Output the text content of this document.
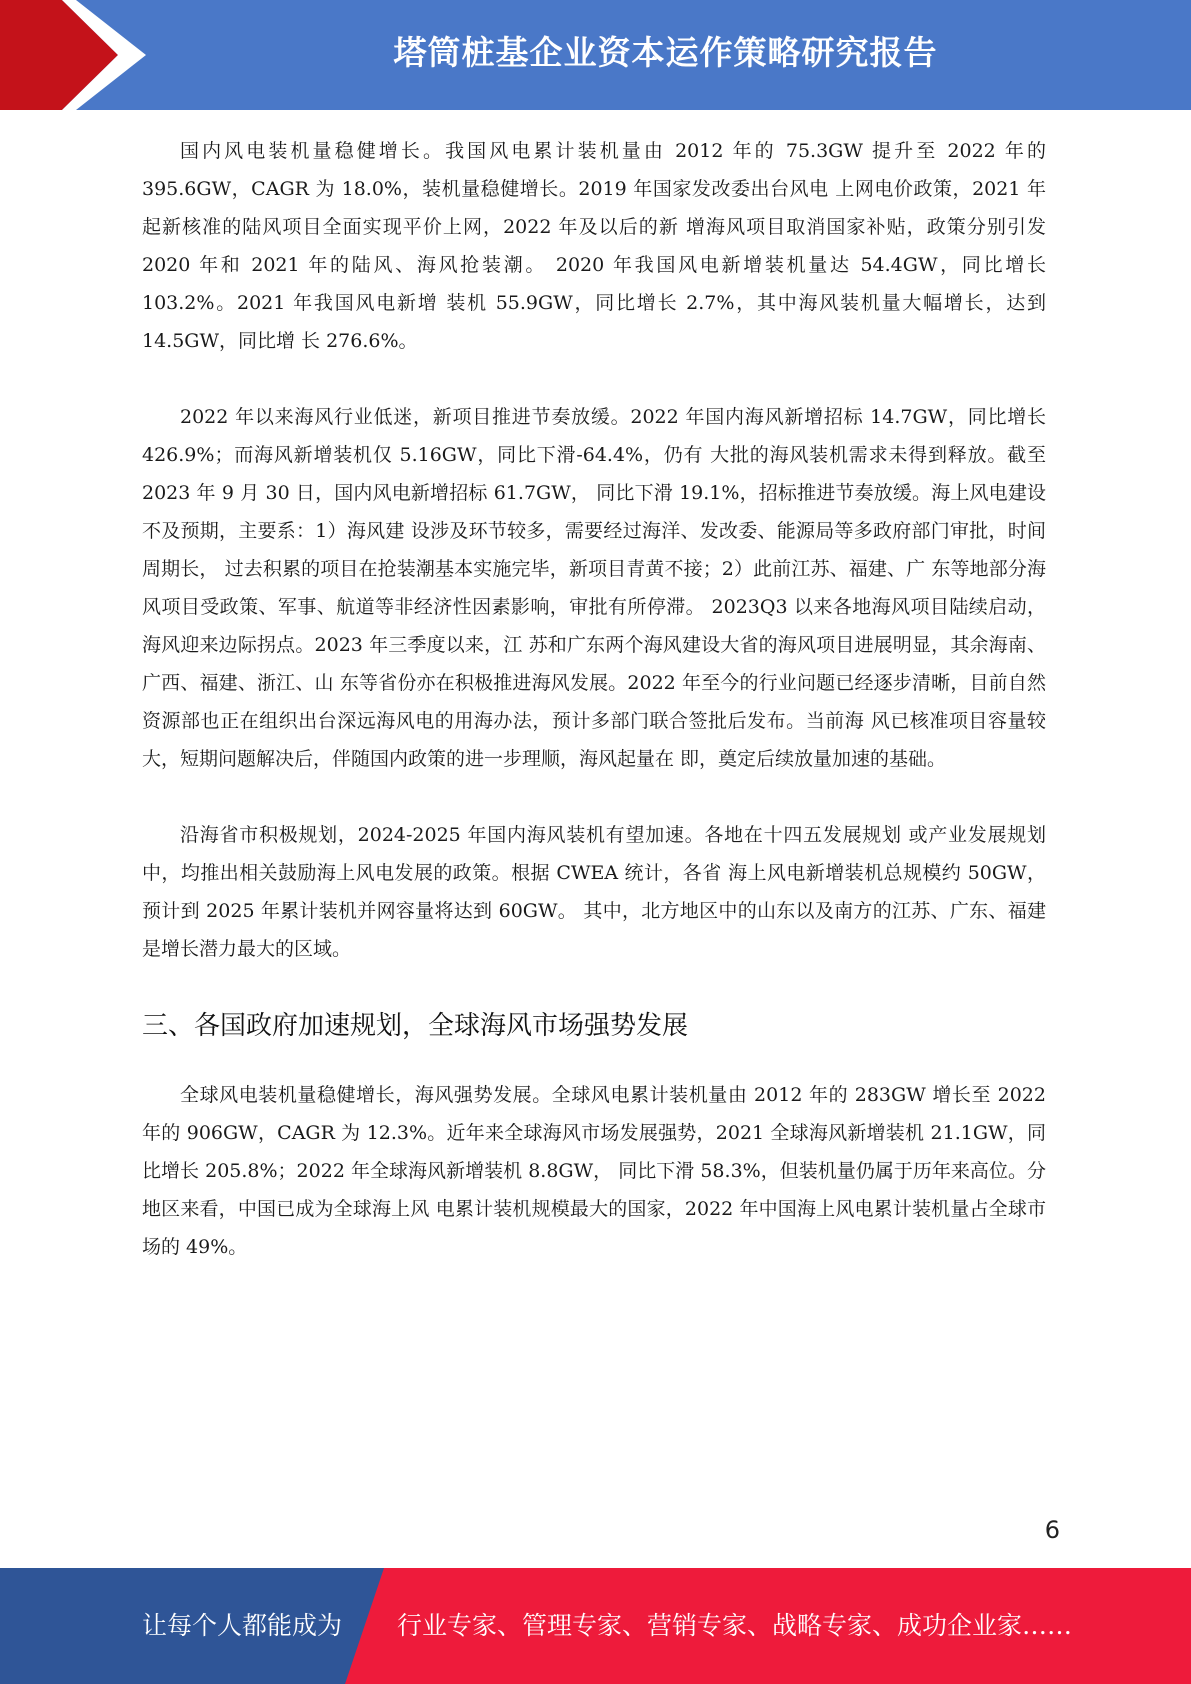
塔筒桩基企业资本运作策略研究报告

国内风电装机量稳健增长。我国风电累计装机量由 2012 年的 75.3GW 提升至 2022 年的 395.6GW，CAGR 为 18.0%，装机量稳健增长。2019 年国家发改委出台风电 上网电价政策，2021 年起新核准的陆风项目全面实现平价上网，2022 年及以后的新 增海风项目取消国家补贴，政策分别引发 2020 年和 2021 年的陆风、海风抢装潮。 2020 年我国风电新增装机量达 54.4GW，同比增长 103.2%。2021 年我国风电新增 装机 55.9GW，同比增长 2.7%，其中海风装机量大幅增长，达到 14.5GW，同比增 长 276.6%。

2022 年以来海风行业低迷，新项目推进节奏放缓。2022 年国内海风新增招标 14.7GW，同比增长 426.9%；而海风新增装机仅 5.16GW，同比下滑-64.4%，仍有 大批的海风装机需求未得到释放。截至 2023 年 9 月 30 日，国内风电新增招标 61.7GW， 同比下滑 19.1%，招标推进节奏放缓。海上风电建设不及预期，主要系：1）海风建 设涉及环节较多，需要经过海洋、发改委、能源局等多政府部门审批，时间周期长， 过去积累的项目在抢装潮基本实施完毕，新项目青黄不接；2）此前江苏、福建、广 东等地部分海风项目受政策、军事、航道等非经济性因素影响，审批有所停滞。 2023Q3 以来各地海风项目陆续启动，海风迎来边际拐点。2023 年三季度以来，江 苏和广东两个海风建设大省的海风项目进展明显，其余海南、广西、福建、浙江、山 东等省份亦在积极推进海风发展。2022 年至今的行业问题已经逐步清晰，目前自然 资源部也正在组织出台深远海风电的用海办法，预计多部门联合签批后发布。当前海 风已核准项目容量较大，短期问题解决后，伴随国内政策的进一步理顺，海风起量在 即，奠定后续放量加速的基础。

沿海省市积极规划，2024-2025 年国内海风装机有望加速。各地在十四五发展规划 或产业发展规划中，均推出相关鼓励海上风电发展的政策。根据 CWEA 统计，各省 海上风电新增装机总规模约 50GW，预计到 2025 年累计装机并网容量将达到 60GW。 其中，北方地区中的山东以及南方的江苏、广东、福建是增长潜力最大的区域。

三、各国政府加速规划，全球海风市场强势发展

全球风电装机量稳健增长，海风强势发展。全球风电累计装机量由 2012 年的 283GW 增长至 2022 年的 906GW，CAGR 为 12.3%。近年来全球海风市场发展强势，2021 全球海风新增装机 21.1GW，同比增长 205.8%；2022 年全球海风新增装机 8.8GW， 同比下滑 58.3%，但装机量仍属于历年来高位。分地区来看，中国已成为全球海上风 电累计装机规模最大的国家，2022 年中国海上风电累计装机量占全球市场的 49%。

6
让每个人都能成为 行业专家、管理专家、营销专家、战略专家、成功企业家……
